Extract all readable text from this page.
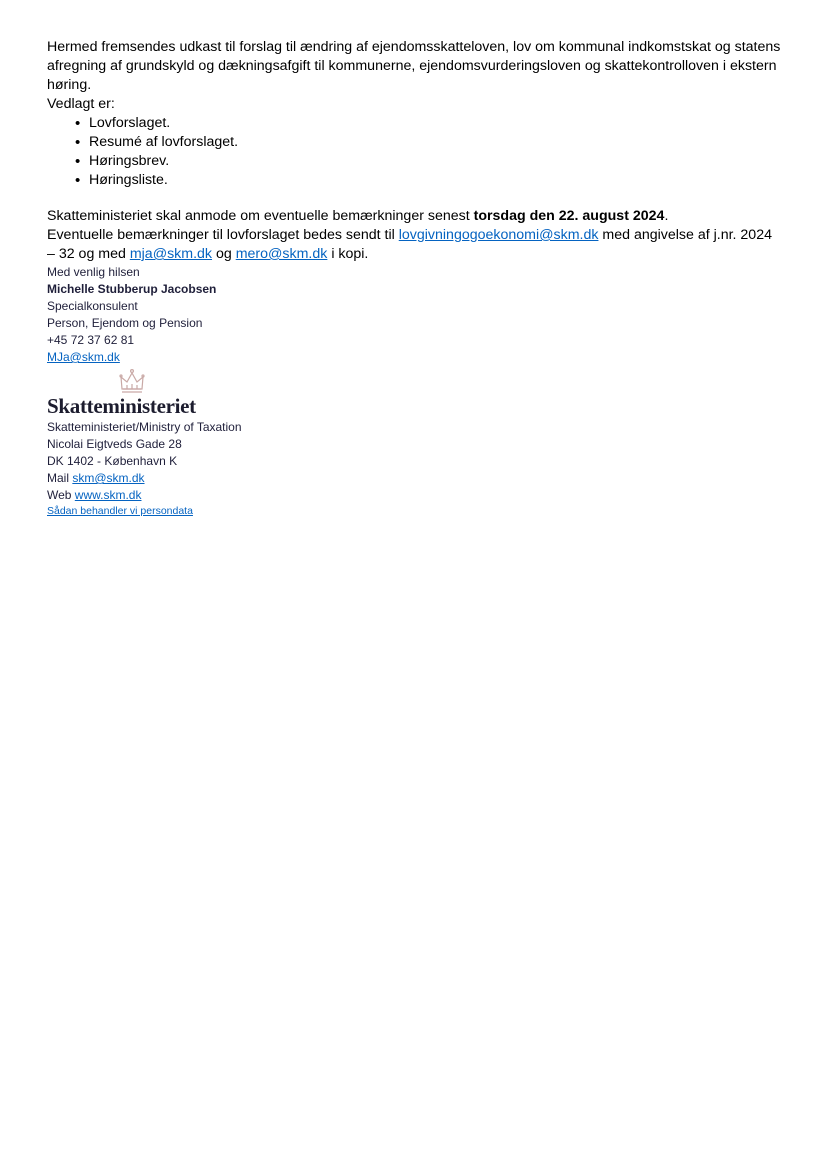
Hermed fremsendes udkast til forslag til ændring af ejendomsskatteloven, lov om kommunal indkomstskat og statens afregning af grundskyld og dækningsafgift til kommunerne, ejendomsvurderingsloven og skattekontrolloven i ekstern høring.

Vedlagt er:

• Lovforslaget.
• Resumé af lovforslaget.
• Høringsbrev.
• Høringsliste.

Skatteministeriet skal anmode om eventuelle bemærkninger senest torsdag den 22. august 2024.

Eventuelle bemærkninger til lovforslaget bedes sendt til lovgivningogoekonomi@skm.dk med angivelse af j.nr. 2024 – 32 og med mja@skm.dk og mero@skm.dk i kopi.

Med venlig hilsen

Michelle Stubberup Jacobsen

Specialkonsulent

Person, Ejendom og Pension

+45 72 37 62 81

MJa@skm.dk

Skatteministeriet

Skatteministeriet/Ministry of Taxation

Nicolai Eigtveds Gade 28

DK 1402 - København K

Mail skm@skm.dk

Web www.skm.dk

Sådan behandler vi persondata
